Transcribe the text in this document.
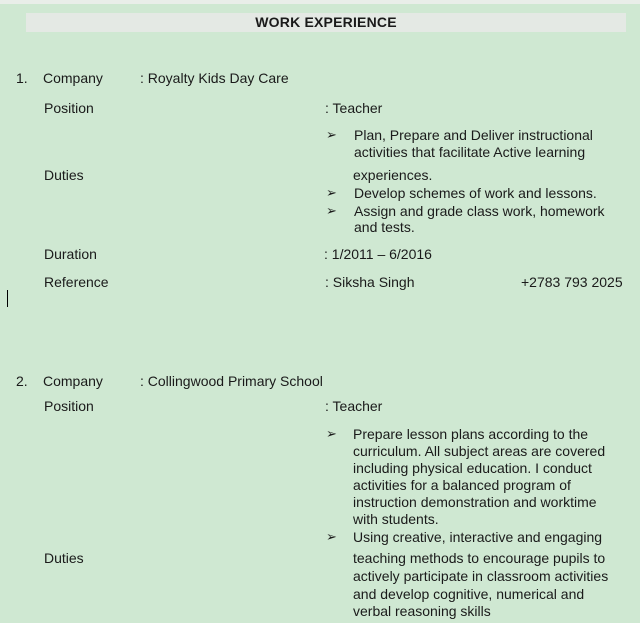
WORK EXPERIENCE
1. Company	: Royalty Kids Day Care
Position	: Teacher
➢ Plan, Prepare and Deliver instructional
activities that facilitate Active learning
Duties	experiences.
➢ Develop schemes of work and lessons.
➢ Assign and grade class work, homework
and tests.
Duration	: 1/2011 – 6/2016
Reference	: Siksha Singh	+2783 793 2025
2. Company	: Collingwood Primary School
Position	: Teacher
➢ Prepare lesson plans according to the
curriculum. All subject areas are covered
including physical education. I conduct
activities for a balanced program of
instruction demonstration and worktime
with students.
➢ Using creative, interactive and engaging
Duties	teaching methods to encourage pupils to
actively participate in classroom activities
and develop cognitive, numerical and
verbal reasoning skills
